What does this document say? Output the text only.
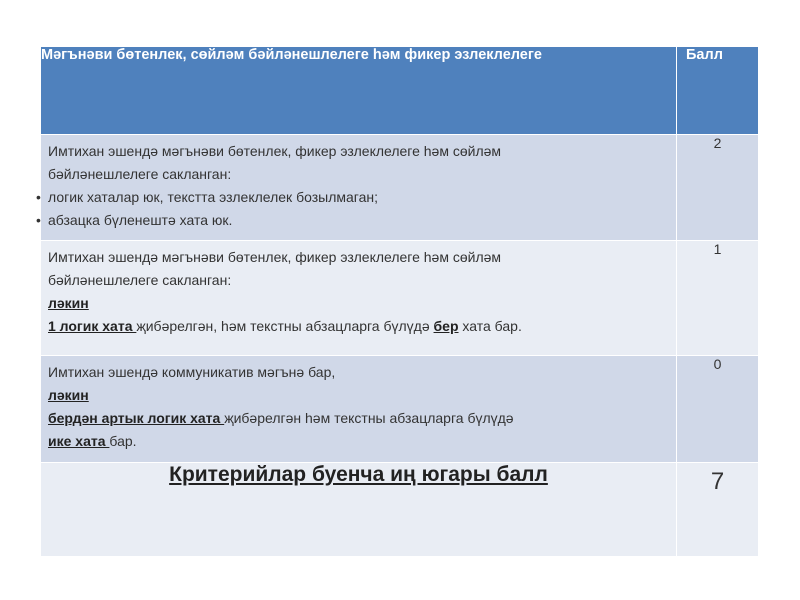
Мәгънәви бөтенлек, сөйләм бәйләнешлелеге һәм фикер эзлеклелеге	Балл

Имтихан эшендә мәгънәви бөтенлек, фикер эзлеклелеге һәм сөйләм
бәйләнешлелеге сакланган:
• логик хаталар юк, текстта эзлеклелек бозылмаган;
• абзацка бүленештә хата юк.	2

Имтихан эшендә мәгънәви бөтенлек, фикер эзлеклелеге һәм сөйләм
бәйләнешлелеге сакланган:
ләкин
1 логик хата җибәрелгән, һәм текстны абзацларга бүлүдә бер хата бар.	1

Имтихан эшендә коммуникатив мәгънә бар,
ләкин
бердән артык логик хата җибәрелгән һәм текстны абзацларга бүлүдә
ике хата бар.	0
Критерийлар буенча иң югары балл	7
